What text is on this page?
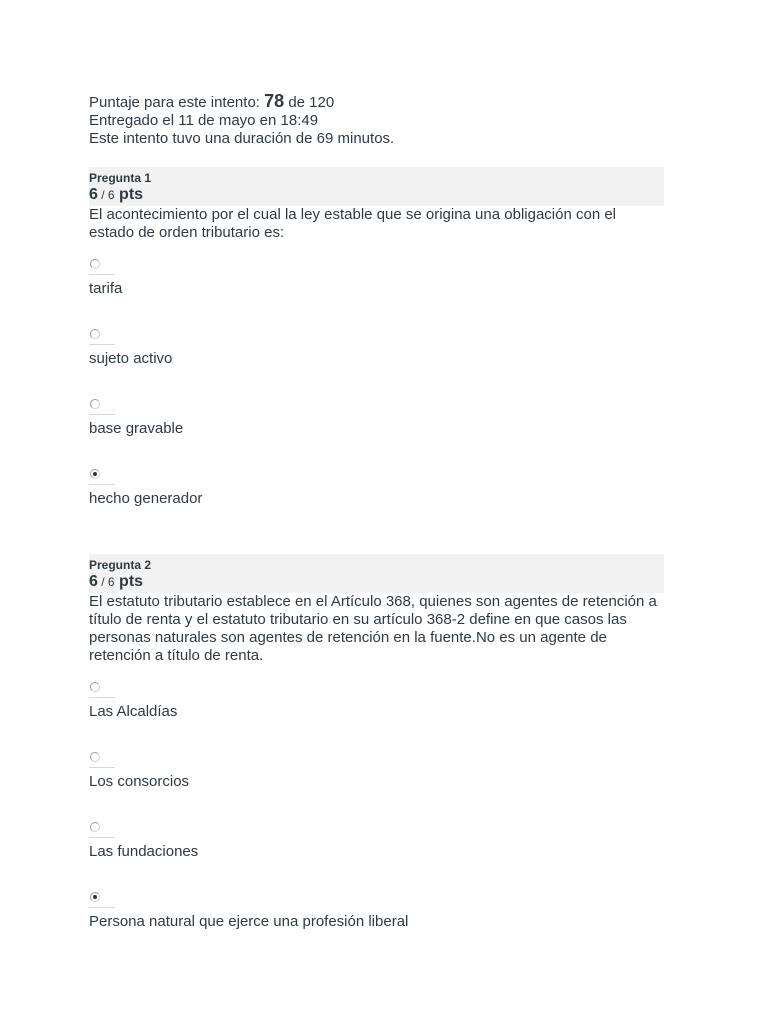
Puntaje para este intento: 78 de 120
Entregado el 11 de mayo en 18:49
Este intento tuvo una duración de 69 minutos.
Pregunta 1
6 / 6 pts
El acontecimiento por el cual la ley estable que se origina una obligación con el estado de orden tributario es:
tarifa
sujeto activo
base gravable
hecho generador
Pregunta 2
6 / 6 pts
El estatuto tributario establece en el Artículo 368, quienes son agentes de retención a título de renta y el estatuto tributario en su artículo 368-2 define en que casos las personas naturales son agentes de retención en la fuente.No es un agente de retención a título de renta.
Las Alcaldías
Los consorcios
Las fundaciones
Persona natural que ejerce una profesión liberal
